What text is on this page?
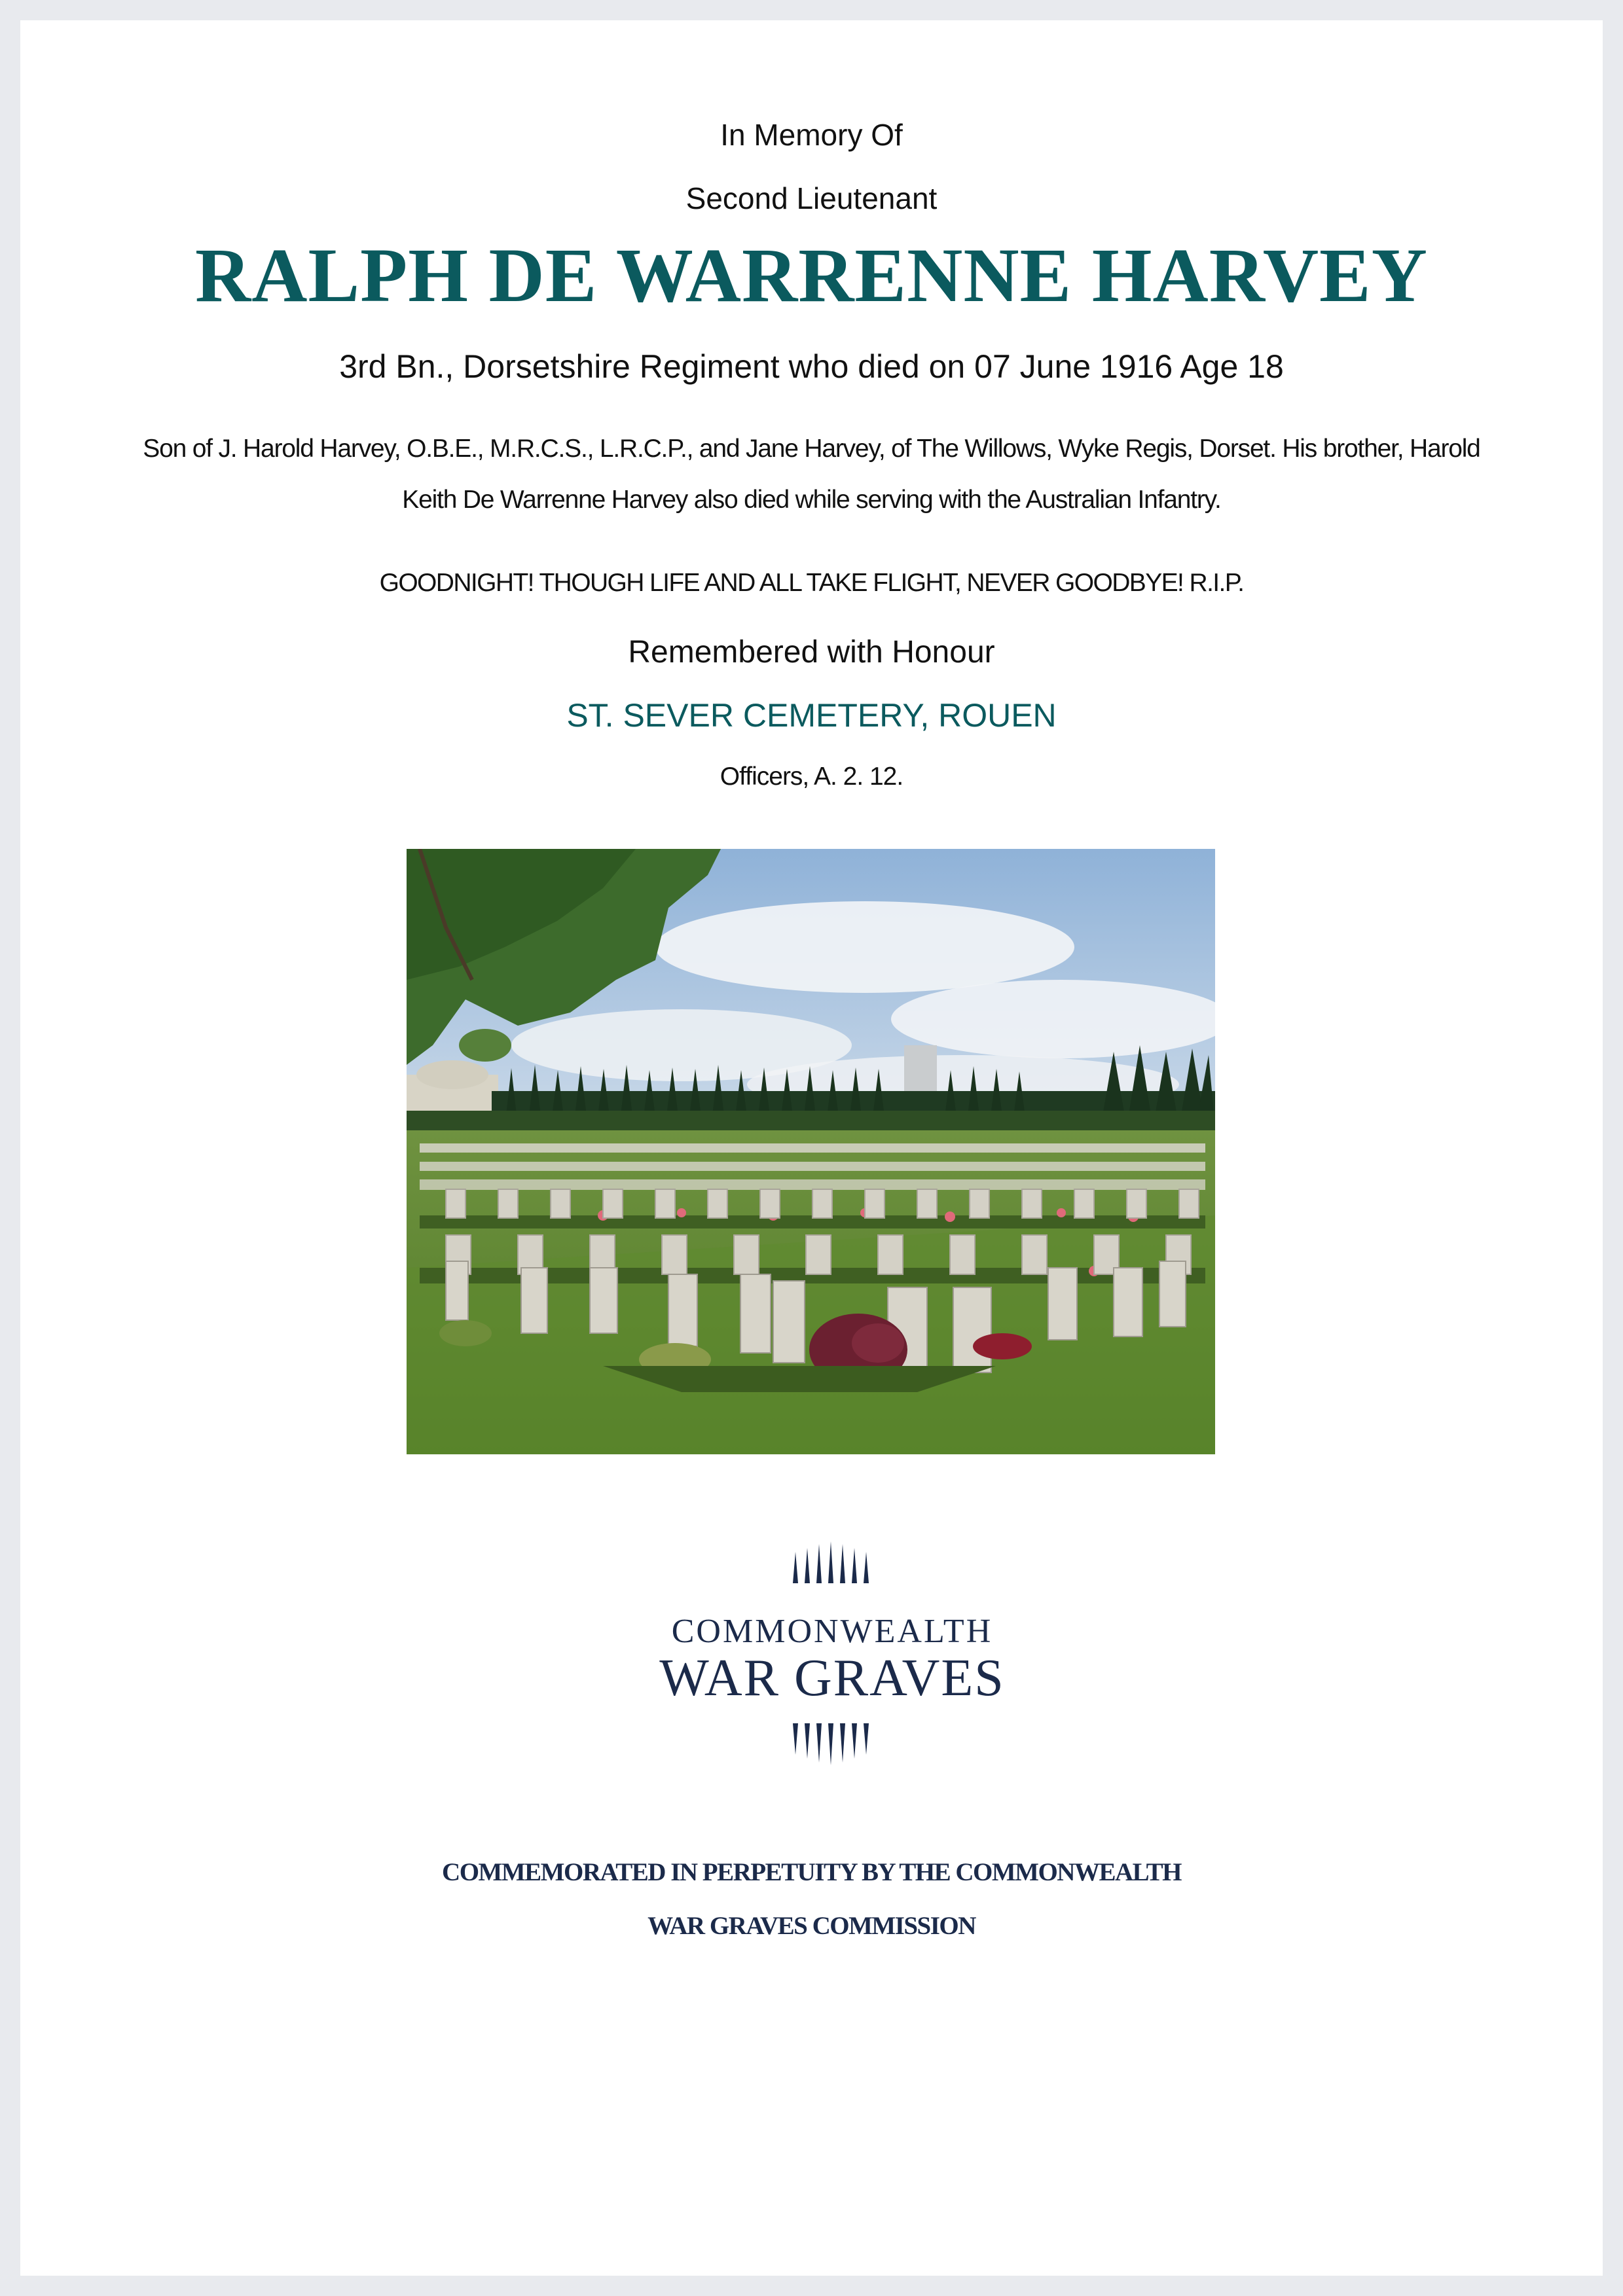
In Memory Of
Second Lieutenant
RALPH DE WARRENNE HARVEY
3rd Bn., Dorsetshire Regiment who died on 07 June 1916 Age 18
Son of J. Harold Harvey, O.B.E., M.R.C.S., L.R.C.P., and Jane Harvey, of The Willows, Wyke Regis, Dorset. His brother, Harold
Keith De Warrenne Harvey also died while serving with the Australian Infantry.
GOODNIGHT! THOUGH LIFE AND ALL TAKE FLIGHT, NEVER GOODBYE! R.I.P.
Remembered with Honour
ST. SEVER CEMETERY, ROUEN
Officers, A. 2. 12.
COMMONWEALTH
WAR GRAVES
COMMEMORATED IN PERPETUITY BY THE COMMONWEALTH
WAR GRAVES COMMISSION
